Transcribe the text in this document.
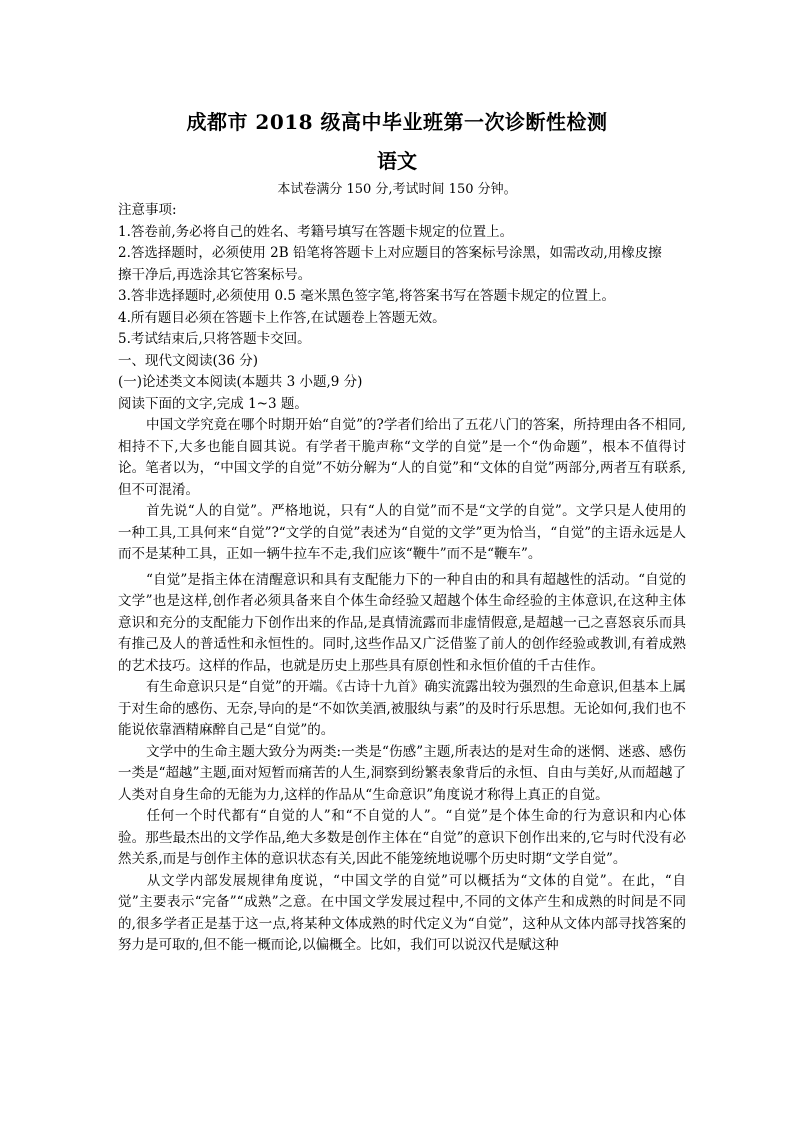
成都市 2018 级高中毕业班第一次诊断性检测
语文
本试卷满分 150 分,考试时间 150 分钟。
注意事项:
1.答卷前,务必将自己的姓名、考籍号填写在答题卡规定的位置上。
2.答选择题时，必须使用 2B 铅笔将答题卡上对应题目的答案标号涂黑，如需改动,用橡皮擦
擦干净后,再选涂其它答案标号。
3.答非选择题时,必须使用 0.5 毫米黑色签字笔,将答案书写在答题卡规定的位置上。
4.所有题目必须在答题卡上作答,在试题卷上答题无效。
5.考试结束后,只将答题卡交回。
一、现代文阅读(36 分)
(一)论述类文本阅读(本题共 3 小题,9 分)
阅读下面的文字,完成 1~3 题。

中国文学究竟在哪个时期开始“自觉”的?学者们给出了五花八门的答案，所持理由各不相同,相持不下,大多也能自圆其说。有学者干脆声称“文学的自觉”是一个“伪命题”，根本不值得讨论。笔者以为，“中国文学的自觉”不妨分解为“人的自觉”和“文体的自觉”两部分,两者互有联系,但不可混淆。

首先说“人的自觉”。严格地说，只有“人的自觉”而不是“文学的自觉”。文学只是人使用的一种工具,工具何来“自觉”?“文学的自觉”表述为“自觉的文学”更为恰当，“自觉”的主语永远是人而不是某种工具，正如一辆牛拉车不走,我们应该“鞭牛”而不是“鞭车”。

“自觉”是指主体在清醒意识和具有支配能力下的一种自由的和具有超越性的活动。“自觉的文学”也是这样,创作者必须具备来自个体生命经验又超越个体生命经验的主体意识,在这种主体意识和充分的支配能力下创作出来的作品,是真情流露而非虚情假意,是超越一己之喜怒哀乐而具有推己及人的普适性和永恒性的。同时,这些作品又广泛借鉴了前人的创作经验或教训,有着成熟的艺术技巧。这样的作品，也就是历史上那些具有原创性和永恒价值的千古佳作。

有生命意识只是“自觉”的开端。《古诗十九首》确实流露出较为强烈的生命意识,但基本上属于对生命的感伤、无奈,导向的是“不如饮美酒,被服纨与素”的及时行乐思想。无论如何,我们也不能说依靠酒精麻醉自己是“自觉”的。

文学中的生命主题大致分为两类:一类是“伤感”主题,所表达的是对生命的迷惘、迷惑、感伤一类是“超越”主题,面对短暂而痛苦的人生,洞察到纷繁表象背后的永恒、自由与美好,从而超越了人类对自身生命的无能为力,这样的作品从“生命意识”角度说才称得上真正的自觉。

任何一个时代都有“自觉的人”和“不自觉的人”。“自觉”是个体生命的行为意识和内心体验。那些最杰出的文学作品,绝大多数是创作主体在“自觉”的意识下创作出来的,它与时代没有必然关系,而是与创作主体的意识状态有关,因此不能笼统地说哪个历史时期“文学自觉”。

从文学内部发展规律角度说，“中国文学的自觉”可以概括为“文体的自觉”。在此，“自觉”主要表示“完备”“成熟”之意。在中国文学发展过程中,不同的文体产生和成熟的时间是不同的,很多学者正是基于这一点,将某种文体成熟的时代定义为“自觉”，这种从文体内部寻找答案的努力是可取的,但不能一概而论,以偏概全。比如，我们可以说汉代是赋这种
